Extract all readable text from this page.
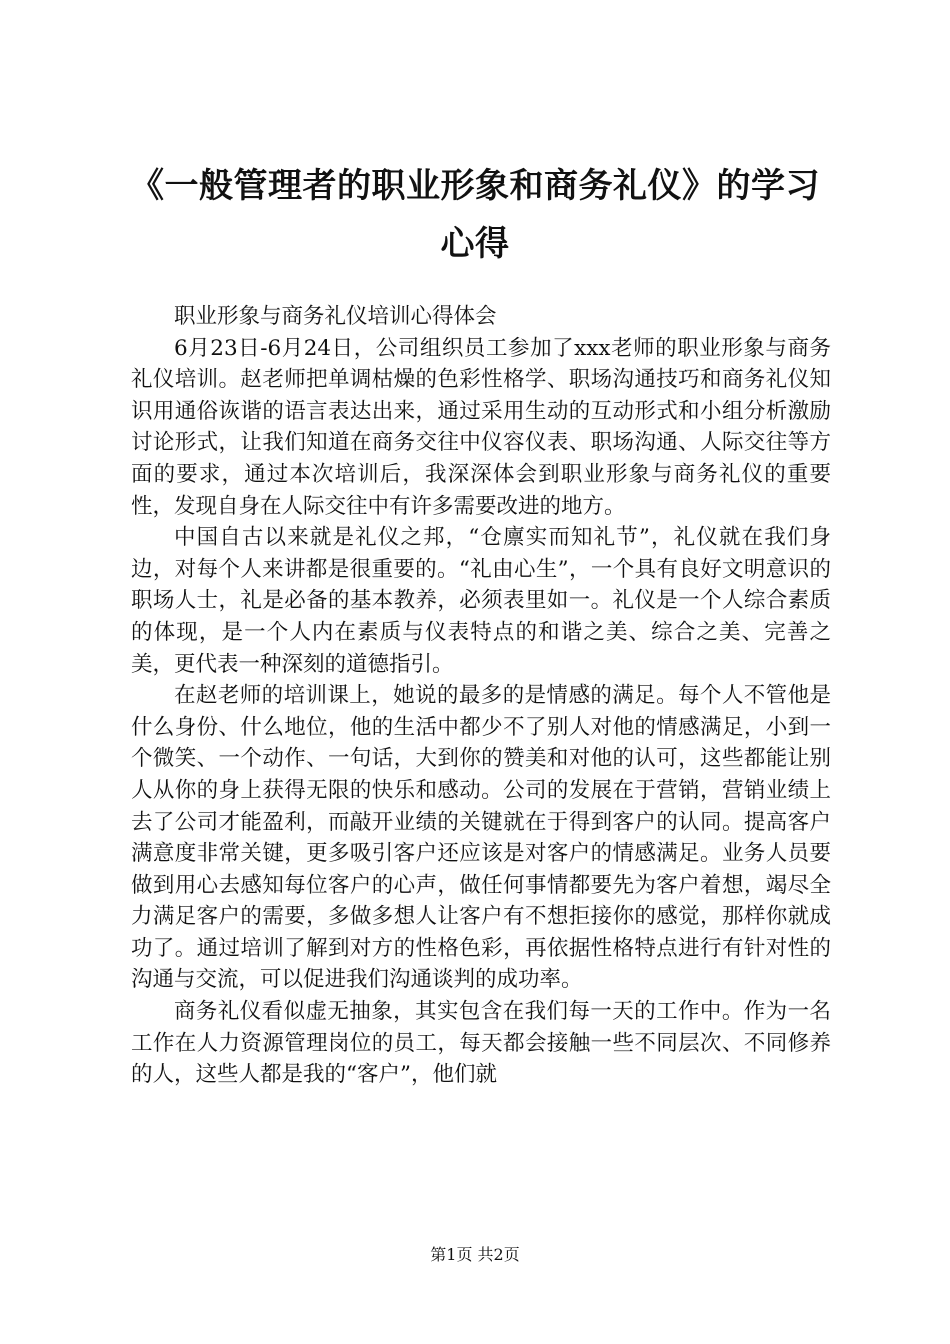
《一般管理者的职业形象和商务礼仪》的学习
心得

职业形象与商务礼仪培训心得体会

6月23日-6月24日，公司组织员工参加了xxx老师的职业形象与商务礼仪培训。赵老师把单调枯燥的色彩性格学、职场沟通技巧和商务礼仪知识用通俗诙谐的语言表达出来，通过采用生动的互动形式和小组分析激励讨论形式，让我们知道在商务交往中仪容仪表、职场沟通、人际交往等方面的要求，通过本次培训后，我深深体会到职业形象与商务礼仪的重要性，发现自身在人际交往中有许多需要改进的地方。

中国自古以来就是礼仪之邦，“仓廪实而知礼节”，礼仪就在我们身边，对每个人来讲都是很重要的。“礼由心生”，一个具有良好文明意识的职场人士，礼是必备的基本教养，必须表里如一。礼仪是一个人综合素质的体现，是一个人内在素质与仪表特点的和谐之美、综合之美、完善之美，更代表一种深刻的道德指引。

在赵老师的培训课上，她说的最多的是情感的满足。每个人不管他是什么身份、什么地位，他的生活中都少不了别人对他的情感满足，小到一个微笑、一个动作、一句话，大到你的赞美和对他的认可，这些都能让别人从你的身上获得无限的快乐和感动。公司的发展在于营销，营销业绩上去了公司才能盈利，而敲开业绩的关键就在于得到客户的认同。提高客户满意度非常关键，更多吸引客户还应该是对客户的情感满足。业务人员要做到用心去感知每位客户的心声，做任何事情都要先为客户着想，竭尽全力满足客户的需要，多做多想人让客户有不想拒接你的感觉，那样你就成功了。通过培训了解到对方的性格色彩，再依据性格特点进行有针对性的沟通与交流，可以促进我们沟通谈判的成功率。

商务礼仪看似虚无抽象，其实包含在我们每一天的工作中。作为一名工作在人力资源管理岗位的员工，每天都会接触一些不同层次、不同修养的人，这些人都是我的“客户”，他们就

第1页 共2页
